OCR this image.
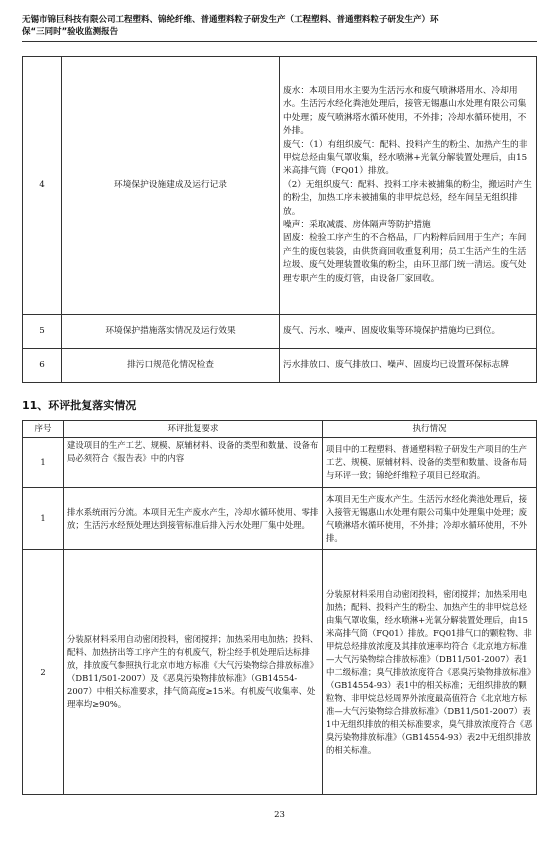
无锡市锦巨科技有限公司工程塑料、锦纶纤维、普通塑料粒子研发生产（工程塑料、普通塑料粒子研发生产）环
保“三同时”验收监测报告
4	环境保护设施建成及运行记录	废水：本项目用水主要为生活污水和废气喷淋塔用水、冷却用水。生活污水经化粪池处理后，接管无锡惠山水处理有限公司集中处理；废气喷淋塔水循环使用，不外排；冷却水循环使用，不外排。

废气：（1）有组织废气：配料、投料产生的粉尘、加热产生的非甲烷总烃由集气罩收集，经水喷淋+光氧分解装置处理后，由15米高排气筒（FQ01）排放。

（2）无组织废气：配料、投料工序未被捕集的粉尘，搬运时产生的粉尘，加热工序未被捕集的非甲烷总烃，经车间呈无组织排放。

噪声：采取减震、房体隔声等防护措施

固废：检验工序产生的不合格品，厂内粉粹后回用于生产；车间产生的废包装袋，由供货商回收重复利用；员工生活产生的生活垃圾、废气处理装置收集的粉尘，由环卫部门统一清运。废气处理专职产生的废灯管，由设备厂家回收。

5	环境保护措施落实情况及运行效果	废气、污水、噪声、固废收集等环境保护措施均已到位。

6	排污口规范化情况检查	污水排放口、废气排放口、噪声、固废均已设置环保标志牌

11、环评批复落实情况
序号	环评批复要求	执行情况
1	建设项目的生产工艺、规模、原辅材料、设备的类型和数量、设备布局必须符合《报告表》中的内容	项目中的工程塑料、普通塑料粒子研发生产项目的生产工艺、规模、原辅材料、设备的类型和数量、设备布局与环评一致；锦纶纤维粒子项目已经取消。

1	排水系统雨污分流。本项目无生产废水产生，冷却水循环使用、零排放；生活污水经预处理达到接管标准后排入污水处理厂集中处理。	本项目无生产废水产生。生活污水经化粪池处理后，接入接管无锡惠山水处理有限公司集中处理集中处理；废气喷淋塔水循环使用，不外排；冷却水循环使用，不外排。

2	分装原材料采用自动密闭投料，密闭搅拌；加热采用电加热；投料、配料、加热挤出等工序产生的有机废气，粉尘经手机处理后达标排放，排放废气参照执行北京市地方标准《大气污染物综合排放标准》（DB11/501-2007）及《恶臭污染物排放标准》（GB14554-2007）中相关标准要求，排气筒高度≥15米。有机废气收集率、处理率均≥90%。	分装原材料采用自动密闭投料，密闭搅拌；加热采用电加热；配料、投料产生的粉尘、加热产生的非甲烷总烃由集气罩收集，经水喷淋+光氧分解装置处理后，由15米高排气筒（FQ01）排放。FQ01排气口的颗粒物、非甲烷总烃排放浓度及其排放速率均符合《北京地方标准—大气污染物综合排放标准》（DB11/501-2007）表1中二级标准；臭气排放浓度符合《恶臭污染物排放标准》（GB14554-93）表1中的相关标准；无组织排放的颗粒物、非甲烷总烃周界外浓度最高值符合《北京地方标准—大气污染物综合排放标准》（DB11/501-2007）表1中无组织排放的相关标准要求，臭气排放浓度符合《恶臭污染物排放标准》（GB14554-93）表2中无组织排放的相关标准。

23
